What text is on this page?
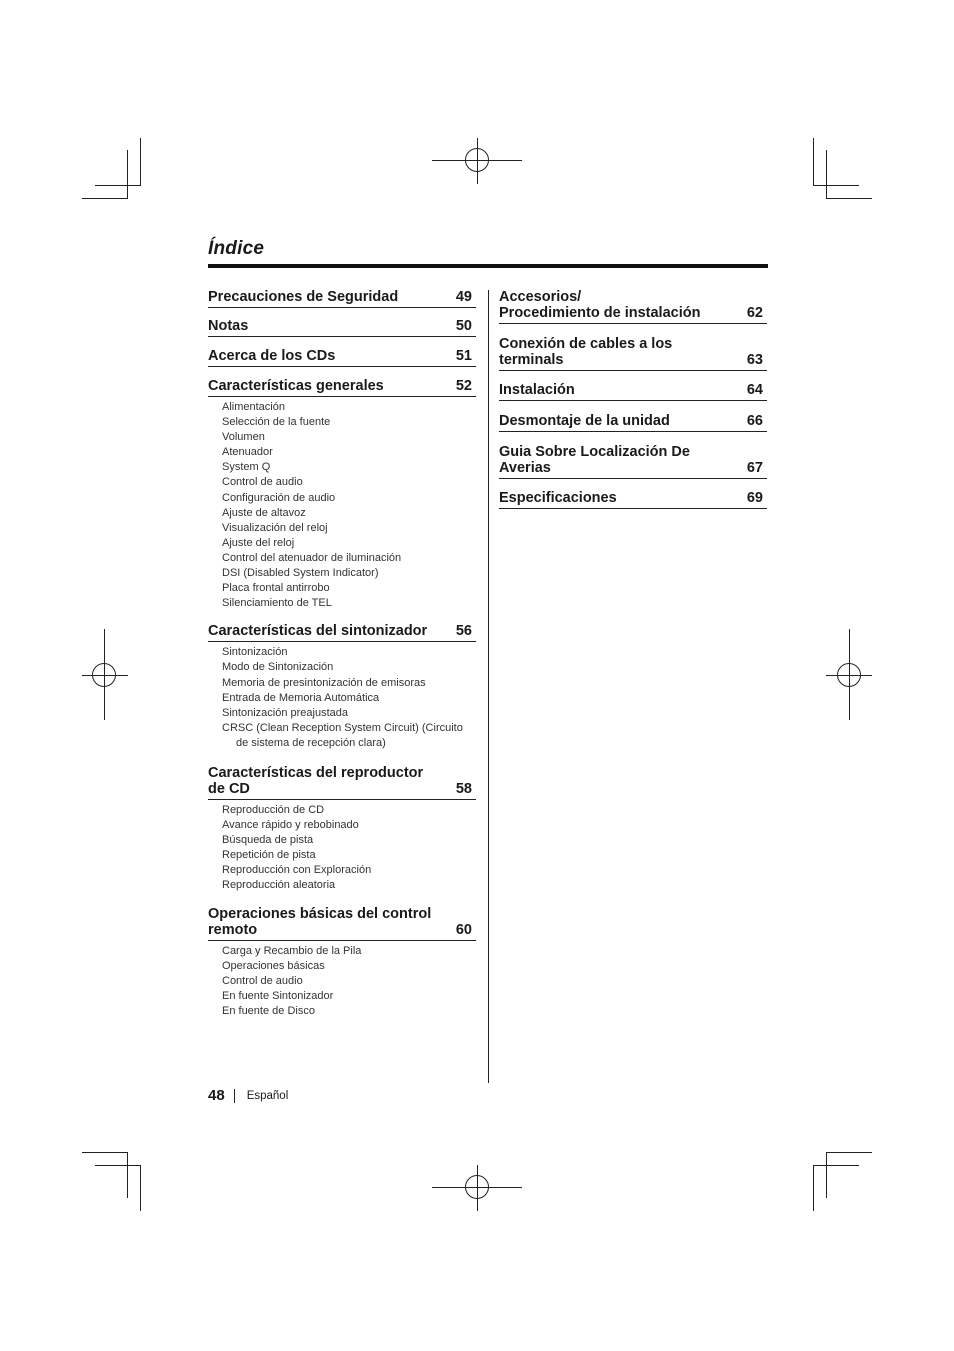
Índice
Precauciones de Seguridad	49
Notas	50
Acerca de los CDs	51
Características generales	52
Alimentación
Selección de la fuente
Volumen
Atenuador
System Q
Control de audio
Configuración de audio
Ajuste de altavoz
Visualización del reloj
Ajuste del reloj
Control del atenuador de iluminación
DSI (Disabled System Indicator)
Placa frontal antirrobo
Silenciamiento de TEL
Características del sintonizador 56
Sintonización
Modo de Sintonización
Memoria de presintonización de emisoras
Entrada de Memoria Automática
Sintonización preajustada
CRSC (Clean Reception System Circuit) (Circuito de sistema de recepción clara)
Características del reproductor
de CD	58
Reproducción de CD
Avance rápido y rebobinado
Búsqueda de pista
Repetición de pista
Reproducción con Exploración
Reproducción aleatoria
Operaciones básicas del control
remoto	60
Carga y Recambio de la Pila
Operaciones básicas
Control de audio
En fuente Sintonizador
En fuente de Disco
Accesorios/
Procedimiento de instalación	62
Conexión de cables a los
terminals	63
Instalación	64
Desmontaje de la unidad	66
Guia Sobre Localización De
Averias	67
Especificaciones	69
48 Español
